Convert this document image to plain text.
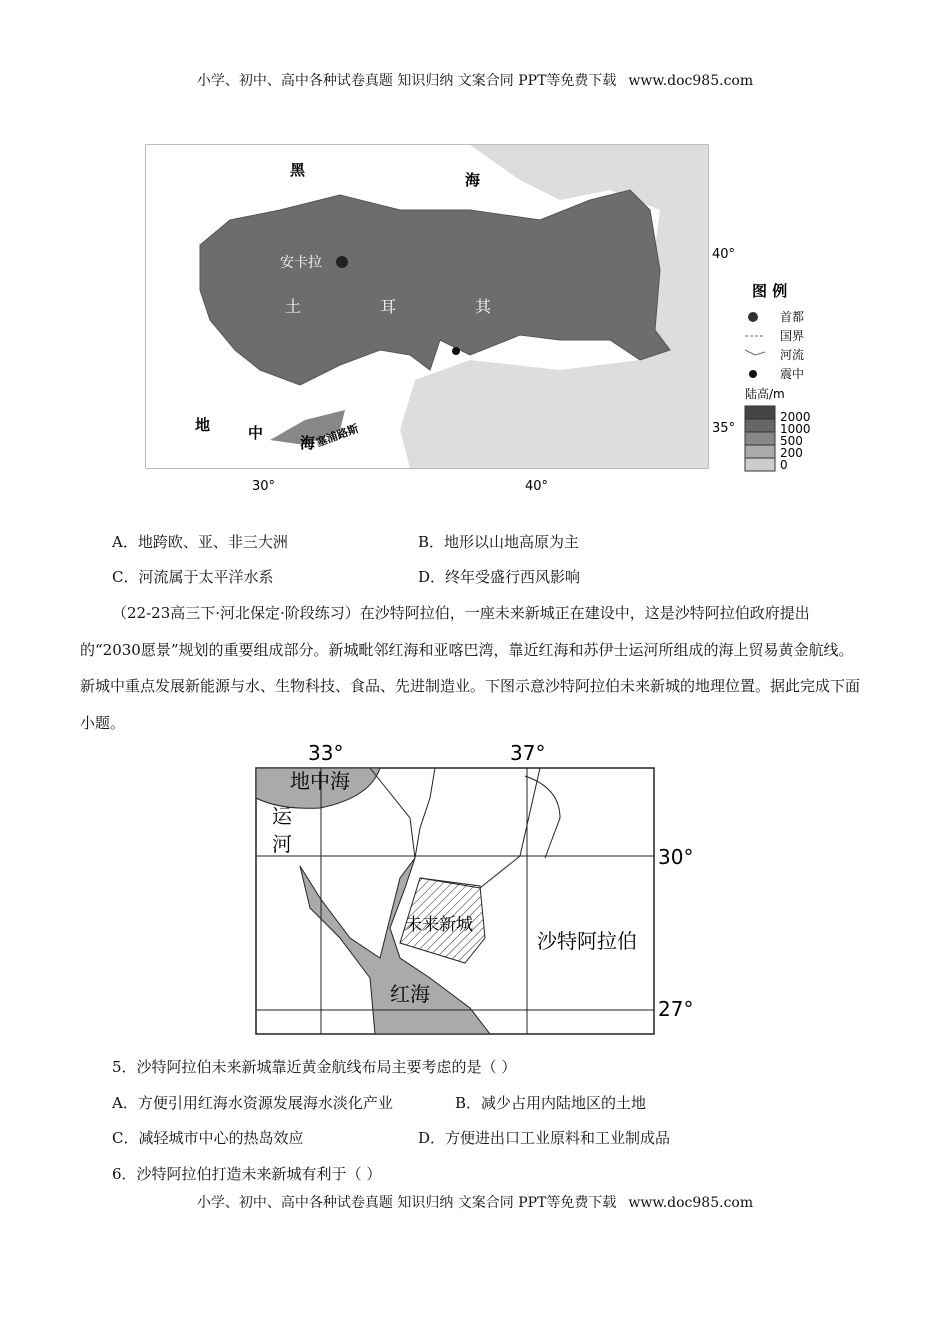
小学、初中、高中各种试卷真题 知识归纳 文案合同 PPT等免费下载 www.doc985.com
黑
海
安卡拉
土	耳	其
地	中
海 塞浦路斯
40°
35°
30°	40°
图 例
首都
国界
河流
震中
陆高/m
2000
1000
500
200
0
A．地跨欧、亚、非三大洲	B．地形以山地高原为主
C．河流属于太平洋水系	D．终年受盛行西风影响
（22-23高三下·河北保定·阶段练习）在沙特阿拉伯，一座未来新城正在建设中，这是沙特阿拉伯政府提出的“2030愿景”规划的重要组成部分。新城毗邻红海和亚喀巴湾，靠近红海和苏伊士运河所组成的海上贸易黄金航线。新城中重点发展新能源与水、生物科技、食品、先进制造业。下图示意沙特阿拉伯未来新城的地理位置。据此完成下面小题。
33°	37°
30°
27°
地中海
运
河
未来新城
沙特阿拉伯
红海
5．沙特阿拉伯未来新城靠近黄金航线布局主要考虑的是（ ）
A．方便引用红海水资源发展海水淡化产业	B．减少占用内陆地区的土地
C．减轻城市中心的热岛效应	D．方便进出口工业原料和工业制成品
6．沙特阿拉伯打造未来新城有利于（ ）
小学、初中、高中各种试卷真题 知识归纳 文案合同 PPT等免费下载 www.doc985.com
